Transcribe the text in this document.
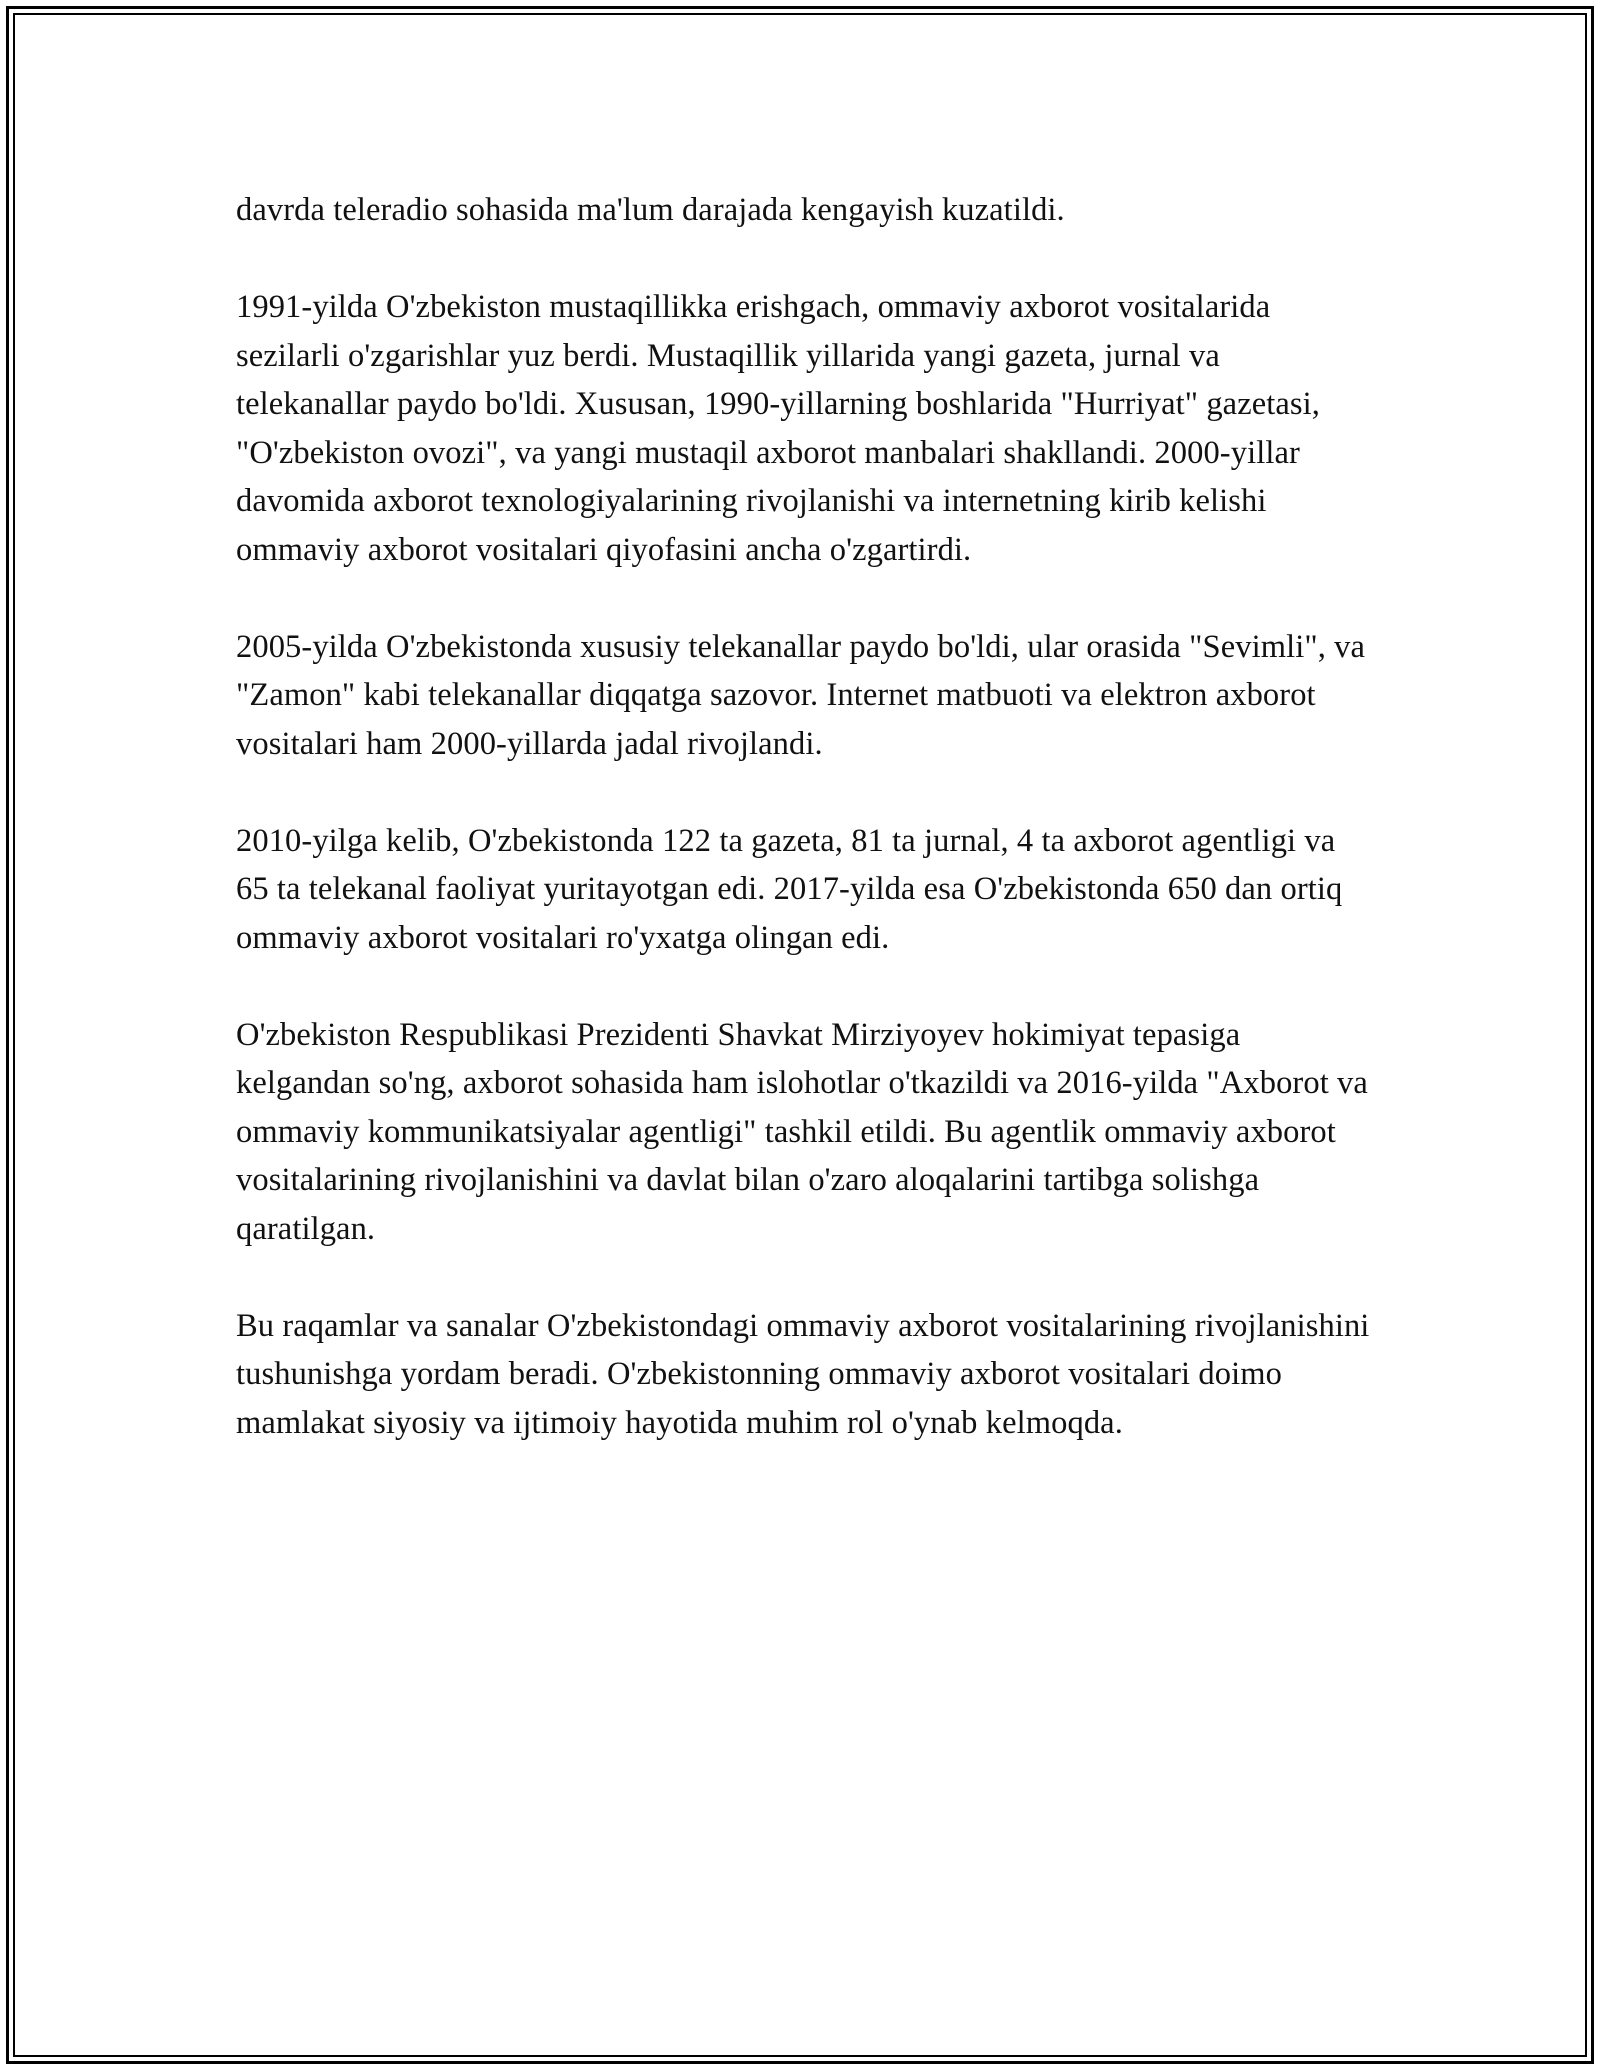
davrda teleradio sohasida ma'lum darajada kengayish kuzatildi.

1991-yilda O'zbekiston mustaqillikka erishgach, ommaviy axborot vositalarida sezilarli o'zgarishlar yuz berdi. Mustaqillik yillarida yangi gazeta, jurnal va telekanallar paydo bo'ldi. Xususan, 1990-yillarning boshlarida "Hurriyat" gazetasi, "O'zbekiston ovozi", va yangi mustaqil axborot manbalari shakllandi. 2000-yillar davomida axborot texnologiyalarining rivojlanishi va internetning kirib kelishi ommaviy axborot vositalari qiyofasini ancha o'zgartirdi.

2005-yilda O'zbekistonda xususiy telekanallar paydo bo'ldi, ular orasida "Sevimli", va "Zamon" kabi telekanallar diqqatga sazovor. Internet matbuoti va elektron axborot vositalari ham 2000-yillarda jadal rivojlandi.

2010-yilga kelib, O'zbekistonda 122 ta gazeta, 81 ta jurnal, 4 ta axborot agentligi va 65 ta telekanal faoliyat yuritayotgan edi. 2017-yilda esa O'zbekistonda 650 dan ortiq ommaviy axborot vositalari ro'yxatga olingan edi.

O'zbekiston Respublikasi Prezidenti Shavkat Mirziyoyev hokimiyat tepasiga kelgandan so'ng, axborot sohasida ham islohotlar o'tkazildi va 2016-yilda "Axborot va ommaviy kommunikatsiyalar agentligi" tashkil etildi. Bu agentlik ommaviy axborot vositalarining rivojlanishini va davlat bilan o'zaro aloqalarini tartibga solishga qaratilgan.

Bu raqamlar va sanalar O'zbekistondagi ommaviy axborot vositalarining rivojlanishini tushunishga yordam beradi. O'zbekistonning ommaviy axborot vositalari doimo mamlakat siyosiy va ijtimoiy hayotida muhim rol o'ynab kelmoqda.
